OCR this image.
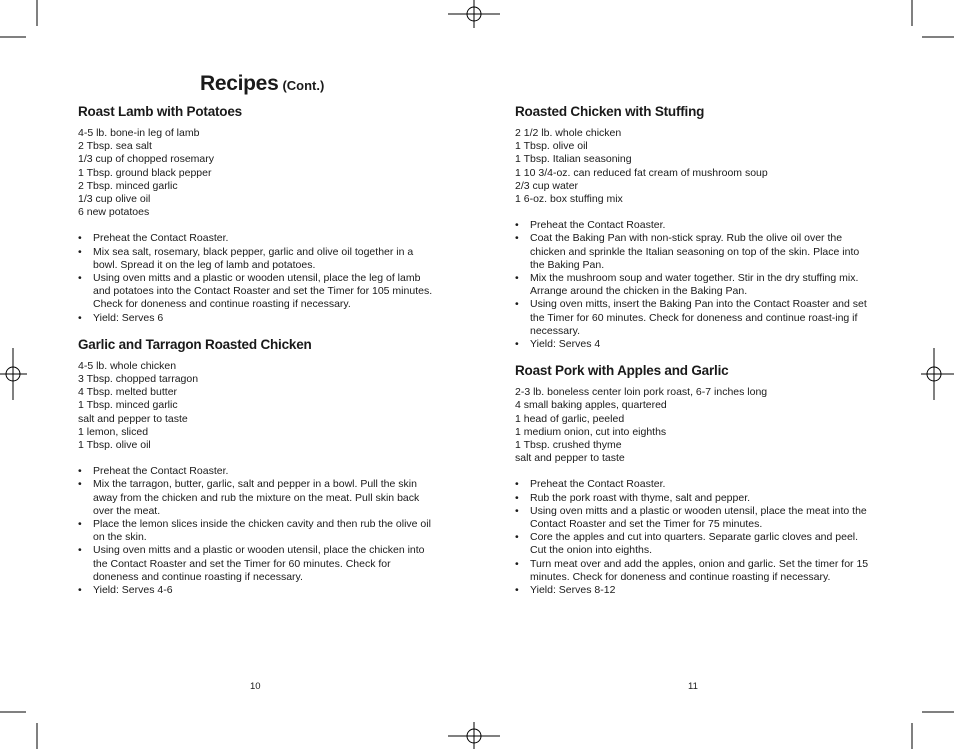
Recipes (Cont.)
Roast Lamb with Potatoes
4-5 lb. bone-in leg of lamb
2 Tbsp. sea salt
1/3 cup of chopped rosemary
1 Tbsp. ground black pepper
2 Tbsp. minced garlic
1/3 cup olive oil
6 new potatoes
• Preheat the Contact Roaster.
• Mix sea salt, rosemary, black pepper, garlic and olive oil together in a bowl. Spread it on the leg of lamb and potatoes.
• Using oven mitts and a plastic or wooden utensil, place the leg of lamb and potatoes into the Contact Roaster and set the Timer for 105 minutes. Check for doneness and continue roasting if necessary.
• Yield: Serves 6
Garlic and Tarragon Roasted Chicken
4-5 lb. whole chicken
3 Tbsp. chopped tarragon
4 Tbsp. melted butter
1 Tbsp. minced garlic
salt and pepper to taste
1 lemon, sliced
1 Tbsp. olive oil
• Preheat the Contact Roaster.
• Mix the tarragon, butter, garlic, salt and pepper in a bowl. Pull the skin away from the chicken and rub the mixture on the meat. Pull skin back over the meat.
• Place the lemon slices inside the chicken cavity and then rub the olive oil on the skin.
• Using oven mitts and a plastic or wooden utensil, place the chicken into the Contact Roaster and set the Timer for 60 minutes. Check for doneness and continue roasting if necessary.
• Yield: Serves 4-6
Roasted Chicken with Stuffing
2 1/2 lb. whole chicken
1 Tbsp. olive oil
1 Tbsp. Italian seasoning
1 10 3/4-oz. can reduced fat cream of mushroom soup
2/3 cup water
1 6-oz. box stuffing mix
• Preheat the Contact Roaster.
• Coat the Baking Pan with non-stick spray. Rub the olive oil over the chicken and sprinkle the Italian seasoning on top of the skin. Place into the Baking Pan.
• Mix the mushroom soup and water together. Stir in the dry stuffing mix. Arrange around the chicken in the Baking Pan.
• Using oven mitts, insert the Baking Pan into the Contact Roaster and set the Timer for 60 minutes. Check for doneness and continue roast-ing if necessary.
• Yield: Serves 4
Roast Pork with Apples and Garlic
2-3 lb. boneless center loin pork roast, 6-7 inches long
4 small baking apples, quartered
1 head of garlic, peeled
1 medium onion, cut into eighths
1 Tbsp. crushed thyme
salt and pepper to taste
• Preheat the Contact Roaster.
• Rub the pork roast with thyme, salt and pepper.
• Using oven mitts and a plastic or wooden utensil, place the meat into the Contact Roaster and set the Timer for 75 minutes.
• Core the apples and cut into quarters. Separate garlic cloves and peel. Cut the onion into eighths.
• Turn meat over and add the apples, onion and garlic. Set the timer for 15 minutes. Check for doneness and continue roasting if necessary.
• Yield: Serves 8-12
10	11
